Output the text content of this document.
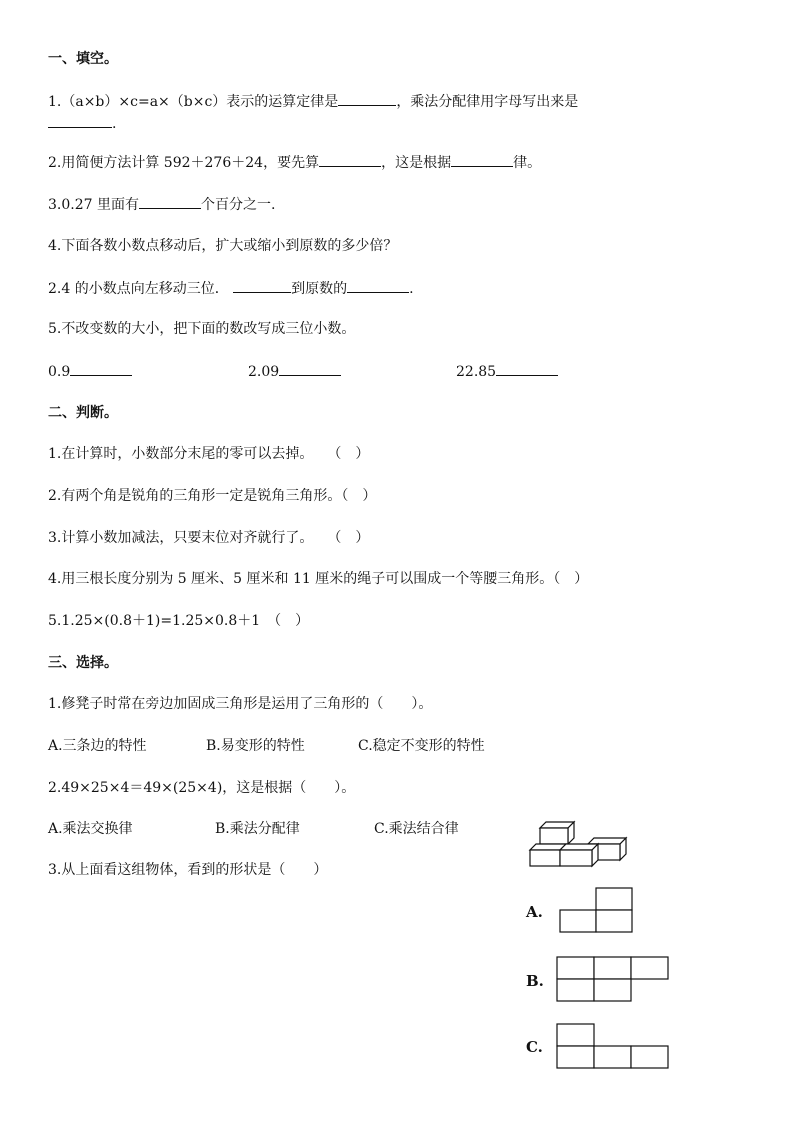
一、填空。
1.（a×b）×c=a×（b×c）表示的运算定律是	，乘法分配律用字母写出来是
.
2.用简便方法计算 592＋276＋24，要先算	，这是根据	律。
3.0.27 里面有	个百分之一.
4.下面各数小数点移动后，扩大或缩小到原数的多少倍？
2.4 的小数点向左移动三位．	到原数的	.
5.不改变数的大小，把下面的数改写成三位小数。
0.9	2.09	22.85
二、判断。
1.在计算时，小数部分末尾的零可以去掉。　　（　）
2.有两个角是锐角的三角形一定是锐角三角形。（　）
3.计算小数加减法，只要末位对齐就行了。　　（　）
4.用三根长度分别为 5 厘米、5 厘米和 11 厘米的绳子可以围成一个等腰三角形。（　）
5.1.25×(0.8＋1)=1.25×0.8＋1　（　）
三、选择。
1.修凳子时常在旁边加固成三角形是运用了三角形的（　　）。
A.三条边的特性	B.易变形的特性	C.稳定不变形的特性
2.49×25×4＝49×(25×4)，这是根据（　　）。
A.乘法交换律	B.乘法分配律	C.乘法结合律
3.从上面看这组物体，看到的形状是（　　）
A.
B.
C.
